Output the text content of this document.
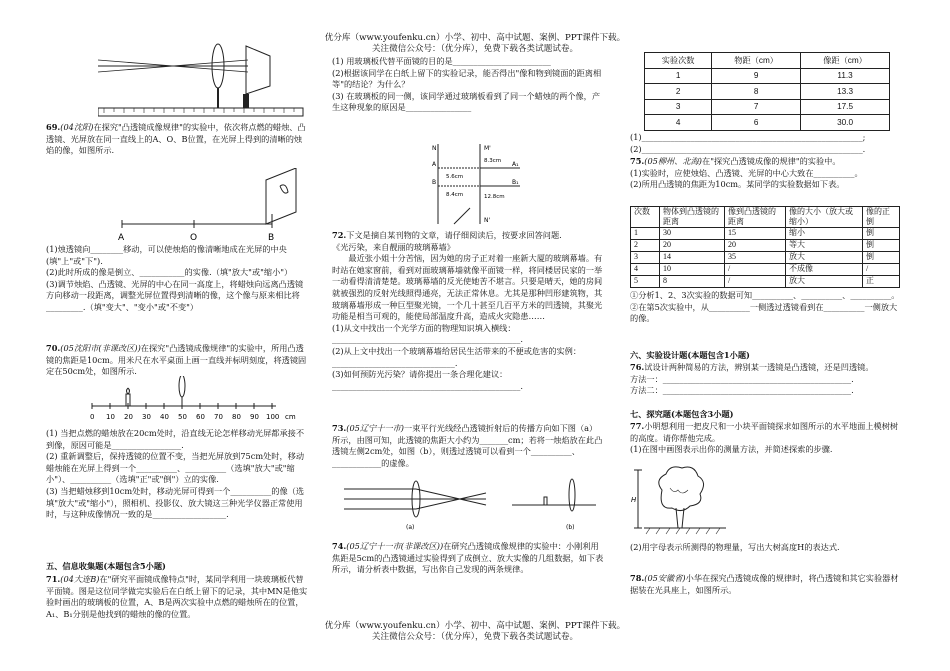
优分库（www.youfenku.cn）小学、初中、高中试题、案例、PPT课件下载。
关注微信公众号：（优分库），免费下载各类试题试卷。
69.(04沈阳)在探究"凸透镜成像规律"的实验中，依次将点燃的蜡烛、凸透镜、光屏放在同一直线上的A、O、B位置，在光屏上得到的清晰的烛焰的像，如图所示.
A	O	B

(1)烛透镜向________移动，可以使烛焰的像清晰地成在光屏的中央(填"上"或"下").

(2)此时所成的像是倒立、___________的实像.（填"放大"或"缩小"）

(3)调节烛焰、凸透镜、光屏的中心在同一高度上，将蜡烛向远离凸透镜方向移动一段距离，调整光屏位置得到清晰的像，这个像与原来相比将_________.（填"变大"、"变小"或"不变"）

70.(05沈阳市(非课改区))在探究"凸透镜成像规律"的实验中，所用凸透镜的焦距是10cm。用米尺在水平桌面上画一直线并标明刻度，将透镜固定在50cm处，如图所示.
0 10 20 30 40 50 60 70 80 90 100 cm

(1) 当把点燃的蜡烛放在20cm处时，沿直线无论怎样移动光屏都承接不到像，原因可能是_________________.

(2) 重新调整后，保持透镜的位置不变，当把光屏放到75cm处时，移动蜡烛能在光屏上得到一个__________、__________（选填"放大"或"缩小"）、__________（选填"正"或"倒"）立的实像.

(3) 当把蜡烛移到10cm处时，移动光屏可得到一个__________的像（选填"放大"或"缩小"），照相机、投影仪、放大镜这三种光学仪器正常使用时，与这种成像情况一致的是__________________.

五、信息收集题(本题包含5小题)
71.(04大连B)在"研究平面镜成像特点"时，某同学利用一块玻璃板代替平面镜。图是这位同学做完实验后在白纸上留下的记录，其中MN是他实验时画出的玻璃板的位置，A、B是两次实验中点燃的蜡烛所在的位置，A₁、B₁分别是他找到的蜡烛的像的位置。

(1) 用玻璃板代替平面镜的目的是________________________

(2)根据该同学在白纸上留下的实验记录，能否得出"像和物到镜面的距离相等"的结论？为什么？

(3) 在玻璃板的同一侧，该同学通过玻璃板看到了同一个蜡烛的两个像，产生这种现象的原因是________________

N	M'
A	A₁
B	B₁
8.3cm
5.6cm
8.4cm	12.8cm
N'
72.下文是摘自某刊物的文章，请仔细阅读后，按要求回答问题.

《光污染，来自靓丽的玻璃幕墙》

最近张小姐十分苦恼，因为她的房子正对着一座新大厦的玻璃幕墙。有时站在她家窗前，看到对面玻璃幕墙就像平面镜一样，将同楼居民家的一举一动看得清清楚楚。玻璃幕墙的反光使她苦不堪言。只要是晴天，她的房间就被强烈的反射光线照得通亮，无法正常休息。尤其是那种凹形建筑物，其玻璃幕墙形成一种巨型聚光镜，一个几十甚至几百平方米的凹透镜，其聚光功能是相当可观的，能使局部温度升高，造成火灾隐患……

(1)从文中找出一个光学方面的物理知识填入横线：______________________________________________.

(2)从上文中找出一个玻璃幕墙给居民生活带来的不便或危害的实例：______________________________.

(3)如何预防光污染？请你提出一条合理化建议：______________________________________________.

73.(05辽宁十一市)一束平行光线经凸透镜折射后的传播方向如下图（a）所示，由图可知，此透镜的焦距大小约为_______cm；若将一烛焰放在此凸透镜左侧2cm处，如图（b），则透过透镜可以看到一个__________、____________的虚像。
(a)	(b)
74.(05辽宁十一市(非课改区))在研究凸透镜成像规律的实验中：小刚利用焦距是5cm的凸透镜通过实验得到了成倒立、放大实像的几组数据，如下表所示，请分析表中数据，写出你自己发现的两条规律。
实验次数	物距（cm）	像距（cm）
1	9	11.3
2	8	13.3
3	7	17.5
4	6	30.0

(1)______________________________________________________;

(2)______________________________________________________.

75.(05柳州、北海)在"探究凸透镜成像的规律"的实验中。

(1)实验时，应使烛焰、凸透镜、光屏的中心大致在__________。

(2)所用凸透镜的焦距为10cm。某同学的实验数据如下表。

次数	物体到凸透镜的距离	像到凸透镜的距离	像的大小（放大或缩小）	像的正倒
1	30	15	缩小	倒
2	20	20	等大	倒
3	14	35	放大	倒
4	10	/	不成像	/
5	8	/	放大	正

①分析1、2、3次实验的数据可知__________、__________、__________。

②在第5次实验中，从__________一侧透过透镜看到在__________一侧放大的像。

六、实验设计题(本题包含1小题)
76.试设计两种简易的方法，辨别某一透镜是凸透镜，还是凹透镜。

方法一：______________________________________________.

方法二：______________________________________________.

七、探究题(本题包含3小题)
77.小明想利用一把皮尺和一小块平面镜探求如图所示的水平地面上模树树的高度。请你帮他完成。

(1)在图中画图表示出你的测量方法，并简述探索的步骤.

H

(2)用字母表示所测得的物理量，写出大树高度H的表达式.

78.(05安徽省)小华在探究凸透镜成像的规律时，将凸透镜和其它实验器材据装在光具座上，如图所示。
优分库（www.youfenku.cn）小学、初中、高中试题、案例、PPT课件下载。
关注微信公众号：（优分库），免费下载各类试题试卷。
